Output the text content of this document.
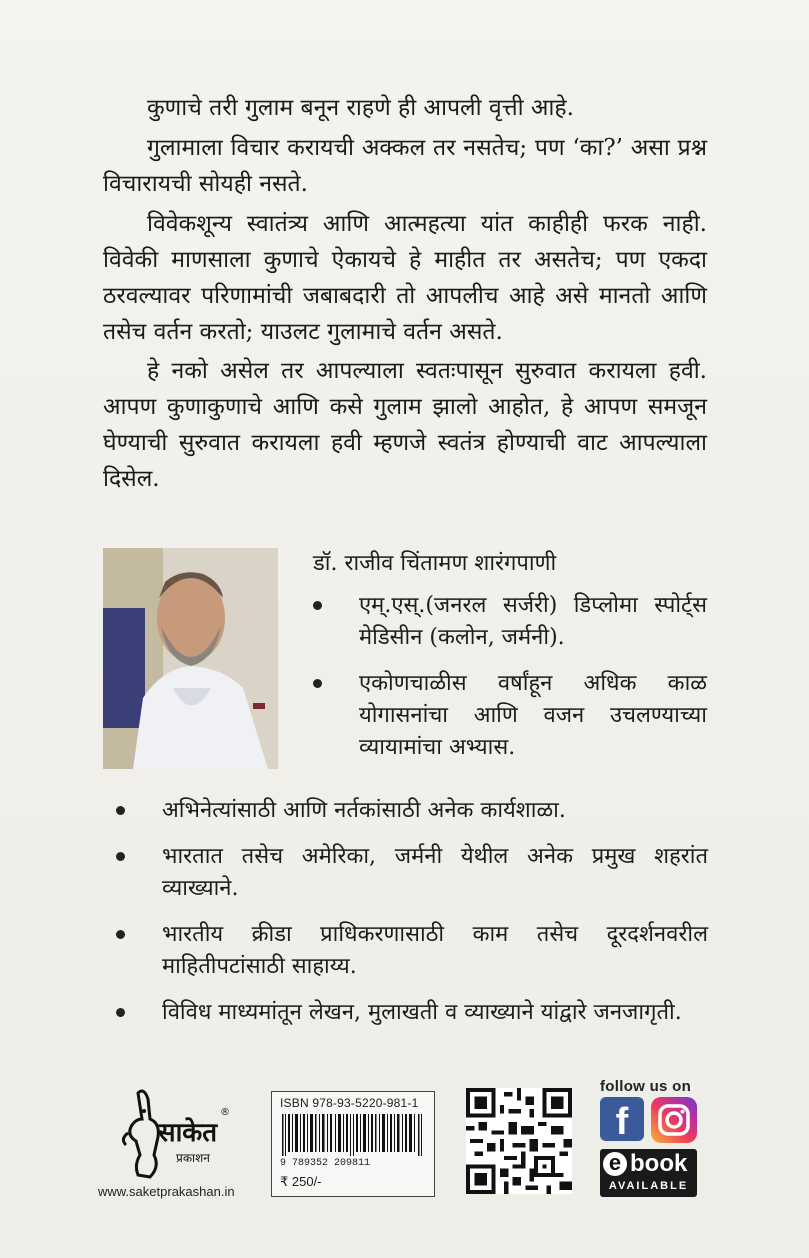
कुणाचे तरी गुलाम बनून राहणे ही आपली वृत्ती आहे.

गुलामाला विचार करायची अक्कल तर नसतेच; पण ‘का?’ असा प्रश्न विचारायची सोयही नसते.

विवेकशून्य स्वातंत्र्य आणि आत्महत्या यांत काहीही फरक नाही. विवेकी माणसाला कुणाचे ऐकायचे हे माहीत तर असतेच; पण एकदा ठरवल्यावर परिणामांची जबाबदारी तो आपलीच आहे असे मानतो आणि तसेच वर्तन करतो; याउलट गुलामाचे वर्तन असते.

हे नको असेल तर आपल्याला स्वतःपासून सुरुवात करायला हवी. आपण कुणाकुणाचे आणि कसे गुलाम झालो आहोत, हे आपण समजून घेण्याची सुरुवात करायला हवी म्हणजे स्वतंत्र होण्याची वाट आपल्याला दिसेल.

डॉ. राजीव चिंतामण शारंगपाणी
एम्.एस्.(जनरल सर्जरी) डिप्लोमा स्पोर्ट्स मेडिसीन (कलोन, जर्मनी).
एकोणचाळीस वर्षांहून अधिक काळ योगासनांचा आणि वजन उचलण्याच्या व्यायामांचा अभ्यास.
अभिनेत्यांसाठी आणि नर्तकांसाठी अनेक कार्यशाळा.
भारतात तसेच अमेरिका, जर्मनी येथील अनेक प्रमुख शहरांत व्याख्याने.
भारतीय क्रीडा प्राधिकरणासाठी काम तसेच दूरदर्शनवरील माहितीपटांसाठी साहाय्य.
विविध माध्यमांतून लेखन, मुलाखती व व्याख्याने यांद्वारे जनजागृती.
साकेत
प्रकाशन
®
www.saketprakashan.in
ISBN 978-93-5220-981-1
9 789352 209811
₹ 250/-
follow us on
f
e book
AVAILABLE
